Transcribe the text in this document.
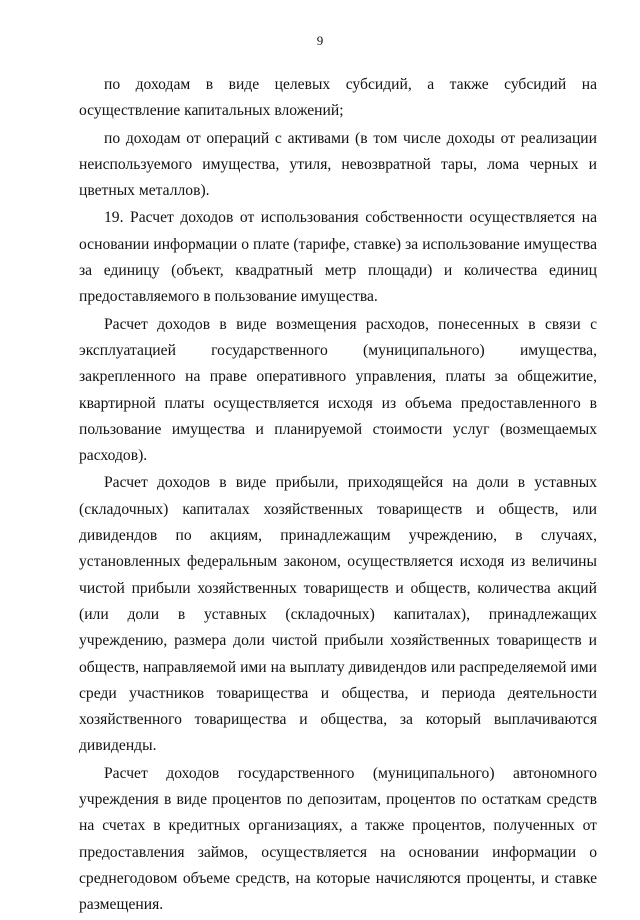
9

по доходам в виде целевых субсидий, а также субсидий на осуществление капитальных вложений;

по доходам от операций с активами (в том числе доходы от реализации неиспользуемого имущества, утиля, невозвратной тары, лома черных и цветных металлов).

19. Расчет доходов от использования собственности осуществляется на основании информации о плате (тарифе, ставке) за использование имущества за единицу (объект, квадратный метр площади) и количества единиц предоставляемого в пользование имущества.

Расчет доходов в виде возмещения расходов, понесенных в связи с эксплуатацией государственного (муниципального) имущества, закрепленного на праве оперативного управления, платы за общежитие, квартирной платы осуществляется исходя из объема предоставленного в пользование имущества и планируемой стоимости услуг (возмещаемых расходов).

Расчет доходов в виде прибыли, приходящейся на доли в уставных (складочных) капиталах хозяйственных товариществ и обществ, или дивидендов по акциям, принадлежащим учреждению, в случаях, установленных федеральным законом, осуществляется исходя из величины чистой прибыли хозяйственных товариществ и обществ, количества акций (или доли в уставных (складочных) капиталах), принадлежащих учреждению, размера доли чистой прибыли хозяйственных товариществ и обществ, направляемой ими на выплату дивидендов или распределяемой ими среди участников товарищества и общества, и периода деятельности хозяйственного товарищества и общества, за который выплачиваются дивиденды.

Расчет доходов государственного (муниципального) автономного учреждения в виде процентов по депозитам, процентов по остаткам средств на счетах в кредитных организациях, а также процентов, полученных от предоставления займов, осуществляется на основании информации о среднегодовом объеме средств, на которые начисляются проценты, и ставке размещения.
